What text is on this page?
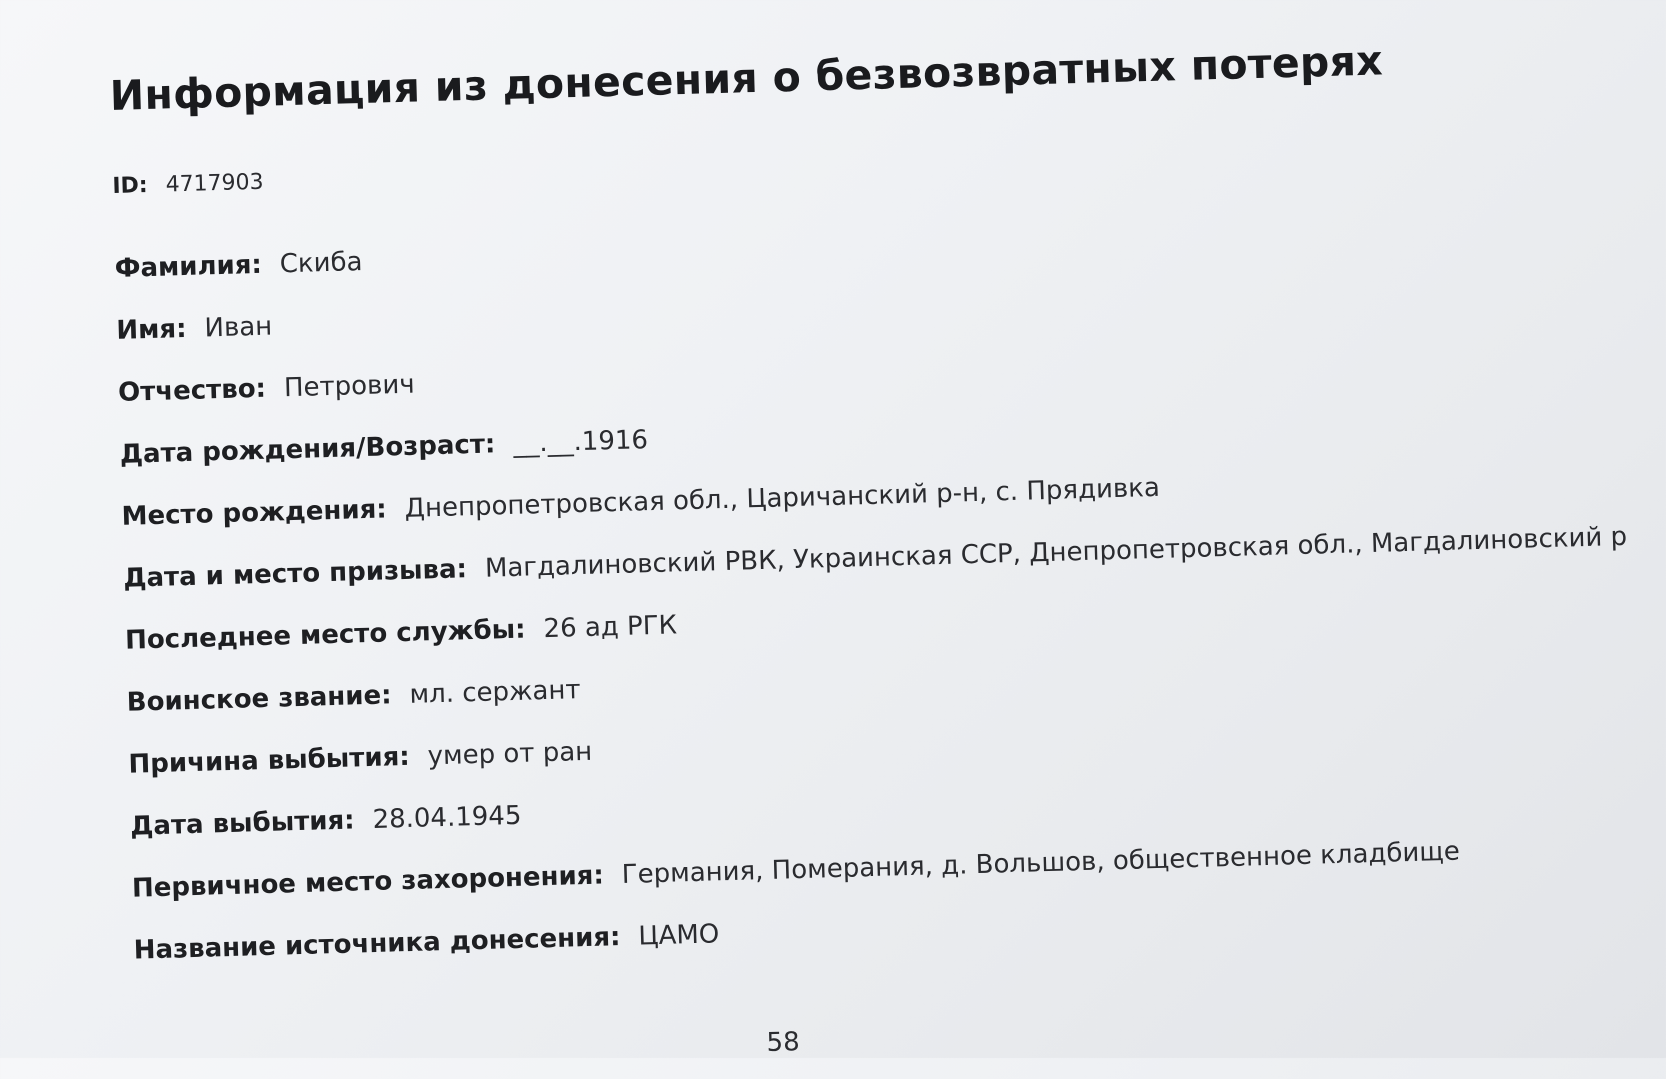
Информация из донесения о безвозвратных потерях
ID: 4717903
Фамилия: Скиба
Имя: Иван
Отчество: Петрович
Дата рождения/Возраст: __.__.1916
Место рождения: Днепропетровская обл., Царичанский р-н, с. Прядивка
Дата и место призыва: Магдалиновский РВК, Украинская ССР, Днепропетровская обл., Магдалиновский р
Последнее место службы: 26 ад РГК
Воинское звание: мл. сержант
Причина выбытия: умер от ран
Дата выбытия: 28.04.1945
Первичное место захоронения: Германия, Померания, д. Вольшов, общественное кладбище
Название источника донесения: ЦАМО
58
